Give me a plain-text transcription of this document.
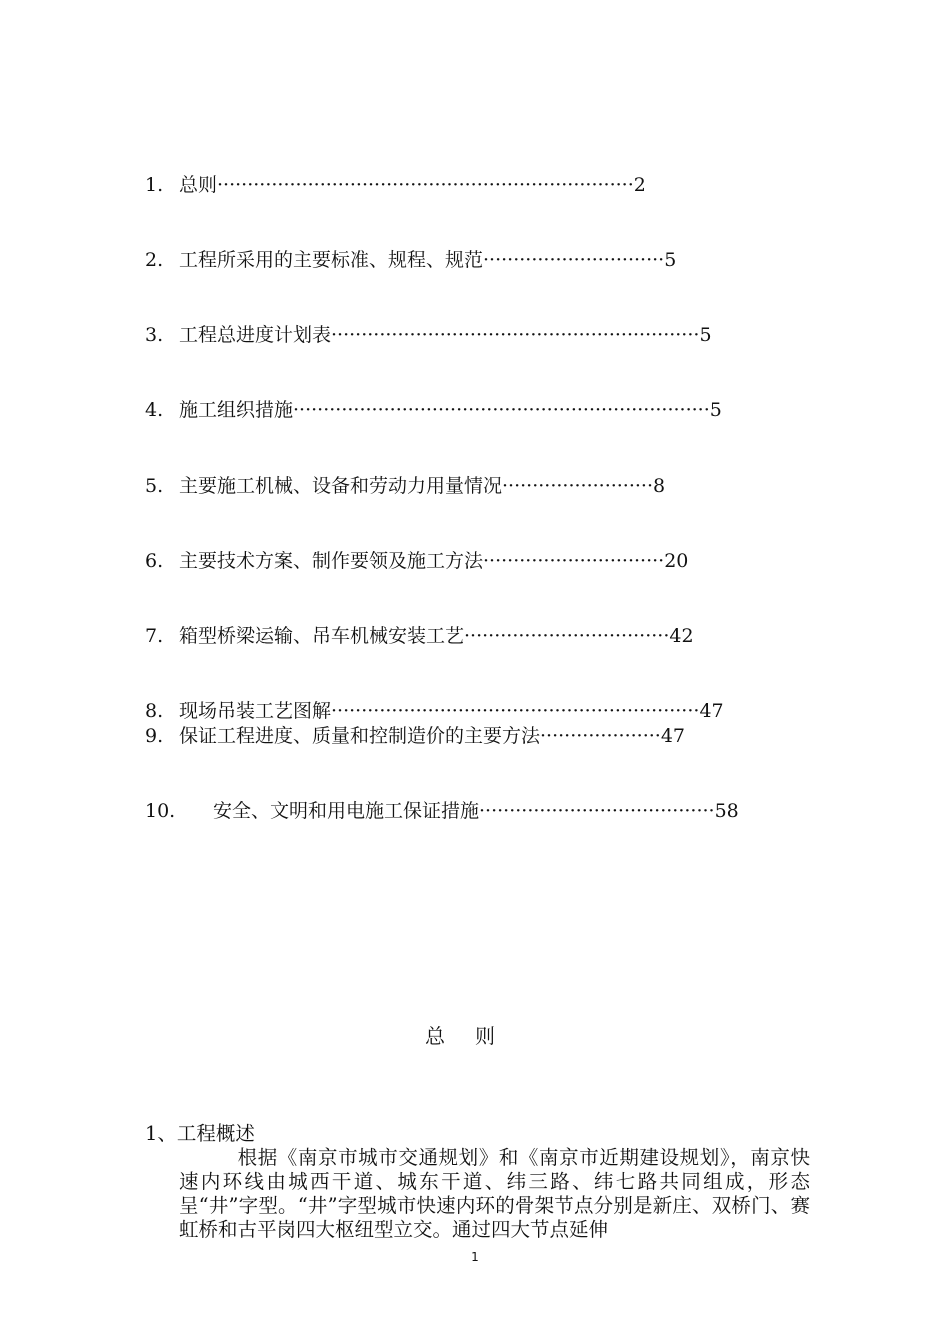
1. 总则·····································································2
2. 工程所采用的主要标准、规程、规范······························5
3. 工程总进度计划表·····························································5
4. 施工组织措施·····································································5
5. 主要施工机械、设备和劳动力用量情况·························8
6. 主要技术方案、制作要领及施工方法······························20
7. 箱型桥梁运输、吊车机械安装工艺··································42
8. 现场吊装工艺图解·····························································47
9. 保证工程进度、质量和控制造价的主要方法····················47
10. 安全、文明和用电施工保证措施·······································58
总则
1、工程概述
根据《南京市城市交通规划》和《南京市近期建设规划》，南京快速内环线由城西干道、城东干道、纬三路、纬七路共同组成，形态呈“井”字型。“井”字型城市快速内环的骨架节点分别是新庄、双桥门、赛虹桥和古平岗四大枢纽型立交。通过四大节点延伸
1
